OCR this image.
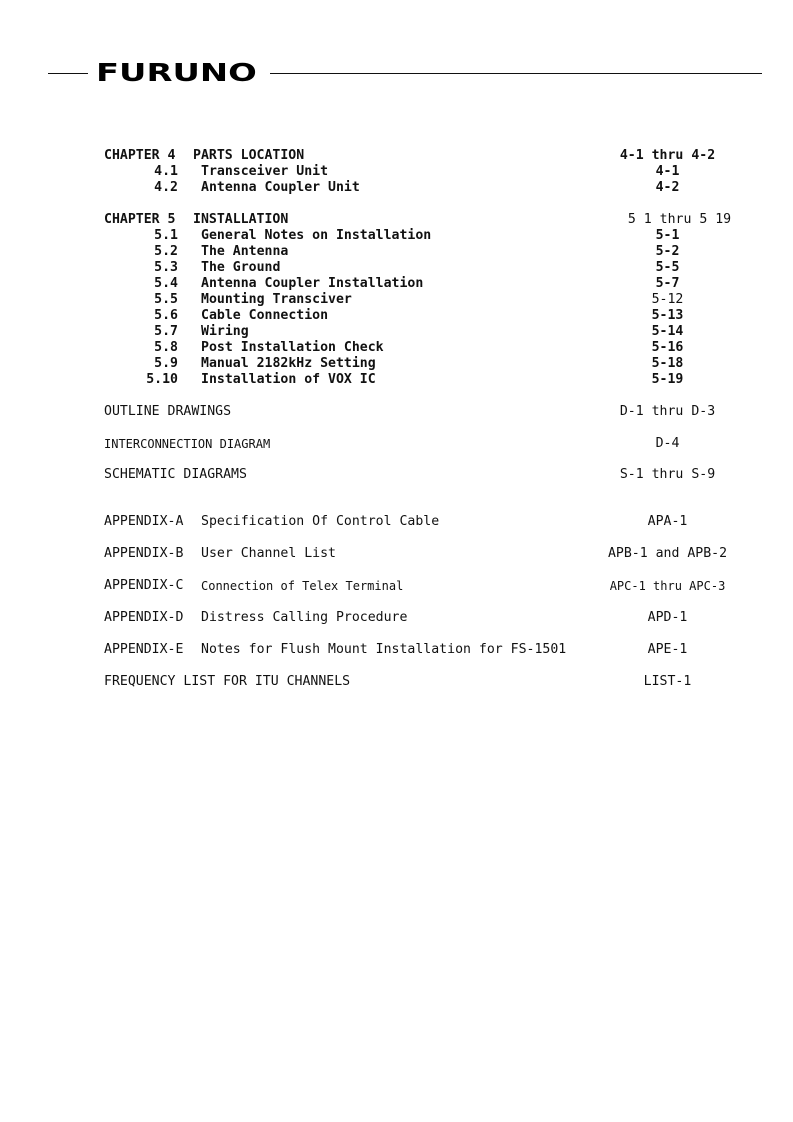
FURUNO
CHAPTER 4 PARTS LOCATION	4-1 thru 4-2
4.1 Transceiver Unit	4-1
4.2 Antenna Coupler Unit	4-2
CHAPTER 5 INSTALLATION	5 1 thru 5 19
5.1 General Notes on Installation	5-1
5.2 The Antenna	5-2
5.3 The Ground	5-5
5.4 Antenna Coupler Installation	5-7
5.5 Mounting Transciver	5-12
5.6 Cable Connection	5-13
5.7 Wiring	5-14
5.8 Post Installation Check	5-16
5.9 Manual 2182kHz Setting	5-18
5.10 Installation of VOX IC	5-19
OUTLINE DRAWINGS	D-1 thru D-3
INTERCONNECTION DIAGRAM	D-4
SCHEMATIC DIAGRAMS	S-1 thru S-9
APPENDIX-A Specification Of Control Cable	APA-1
APPENDIX-B User Channel List	APB-1 and APB-2
APPENDIX-C Connection of Telex Terminal	APC-1 thru APC-3
APPENDIX-D Distress Calling Procedure	APD-1
APPENDIX-E Notes for Flush Mount Installation for FS-1501	APE-1
FREQUENCY LIST FOR ITU CHANNELS	LIST-1
